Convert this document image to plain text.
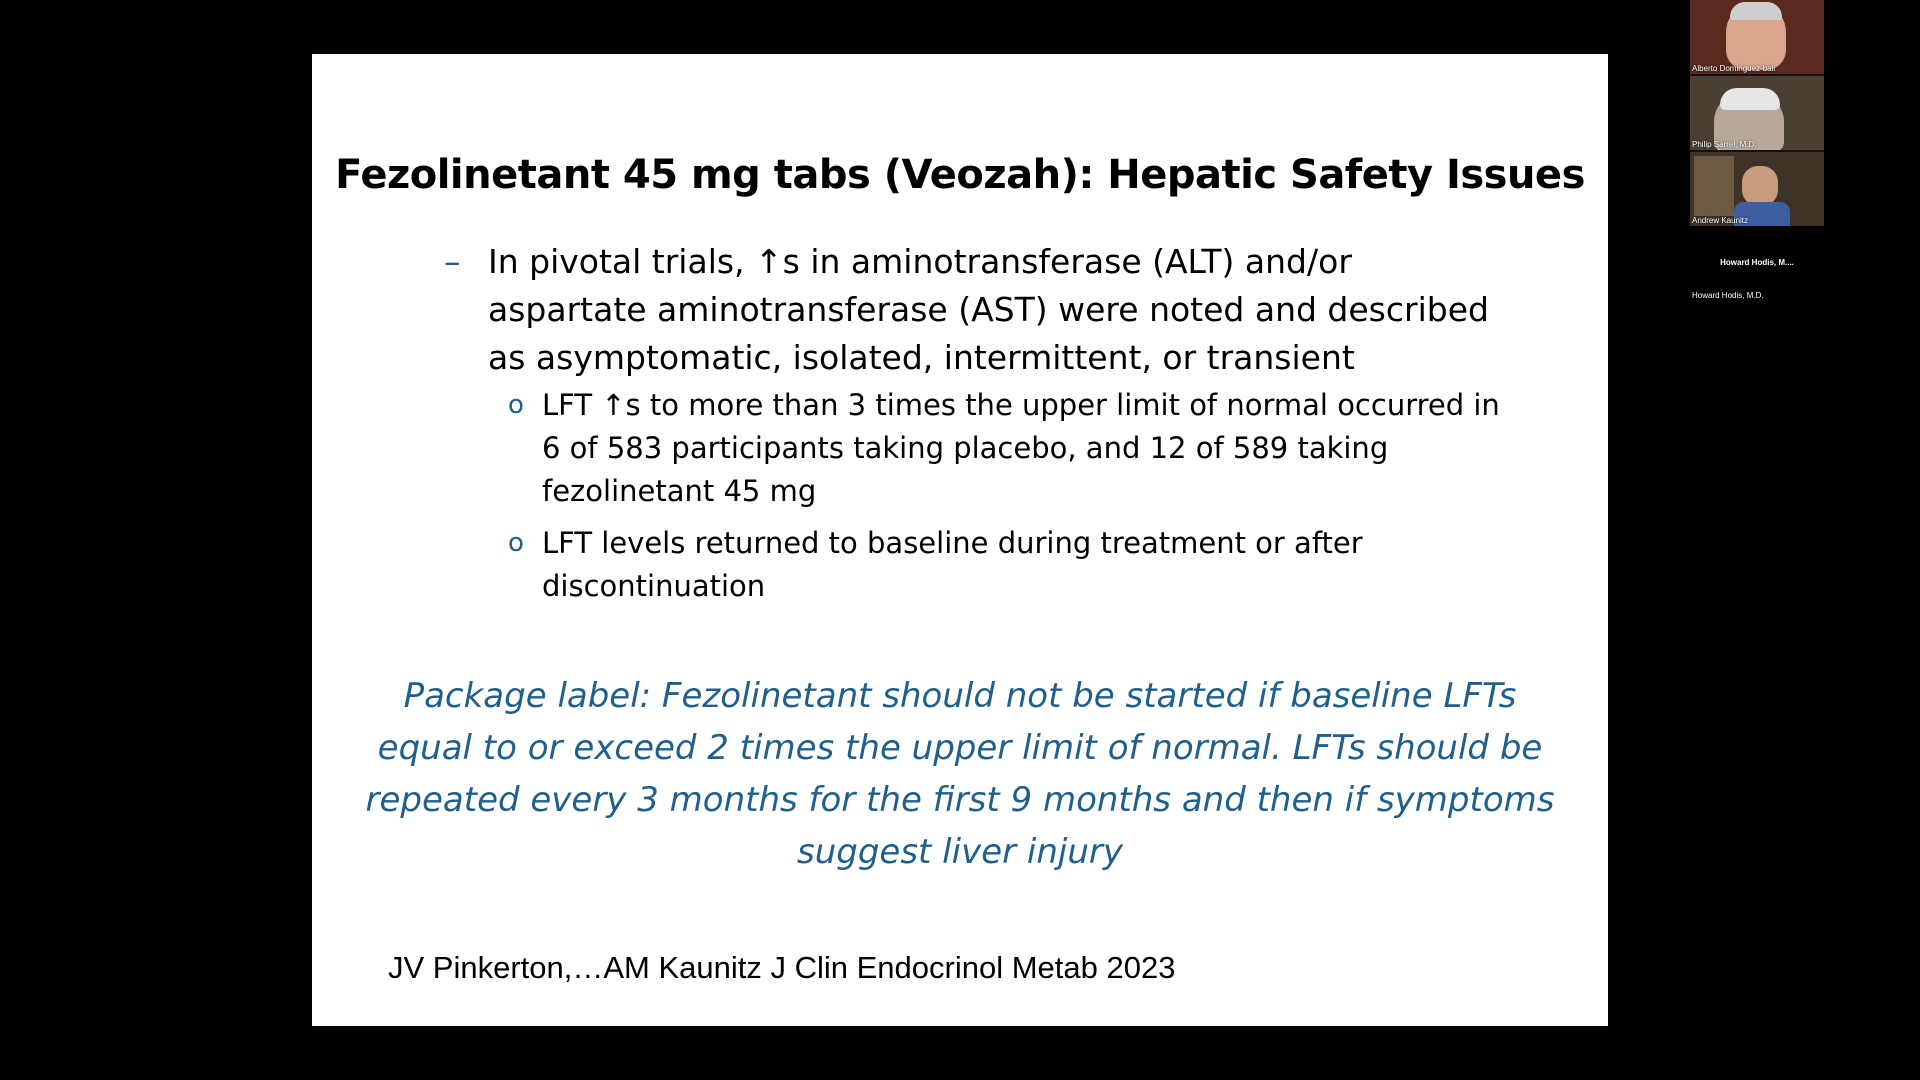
Fezolinetant 45 mg tabs (Veozah): Hepatic Safety Issues
– In pivotal trials, ↑s in aminotransferase (ALT) and/or aspartate aminotransferase (AST) were noted and described as asymptomatic, isolated, intermittent, or transient
o LFT ↑s to more than 3 times the upper limit of normal occurred in 6 of 583 participants taking placebo, and 12 of 589 taking fezolinetant 45 mg
o LFT levels returned to baseline during treatment or after discontinuation
Package label: Fezolinetant should not be started if baseline LFTs equal to or exceed 2 times the upper limit of normal. LFTs should be repeated every 3 months for the first 9 months and then if symptoms suggest liver injury
JV Pinkerton,…AM Kaunitz J Clin Endocrinol Metab 2023
Alberto Dominguez-bali
Philip Sarrel, M.D.
Andrew Kaunitz
Howard Hodis, M....
Howard Hodis, M.D.
